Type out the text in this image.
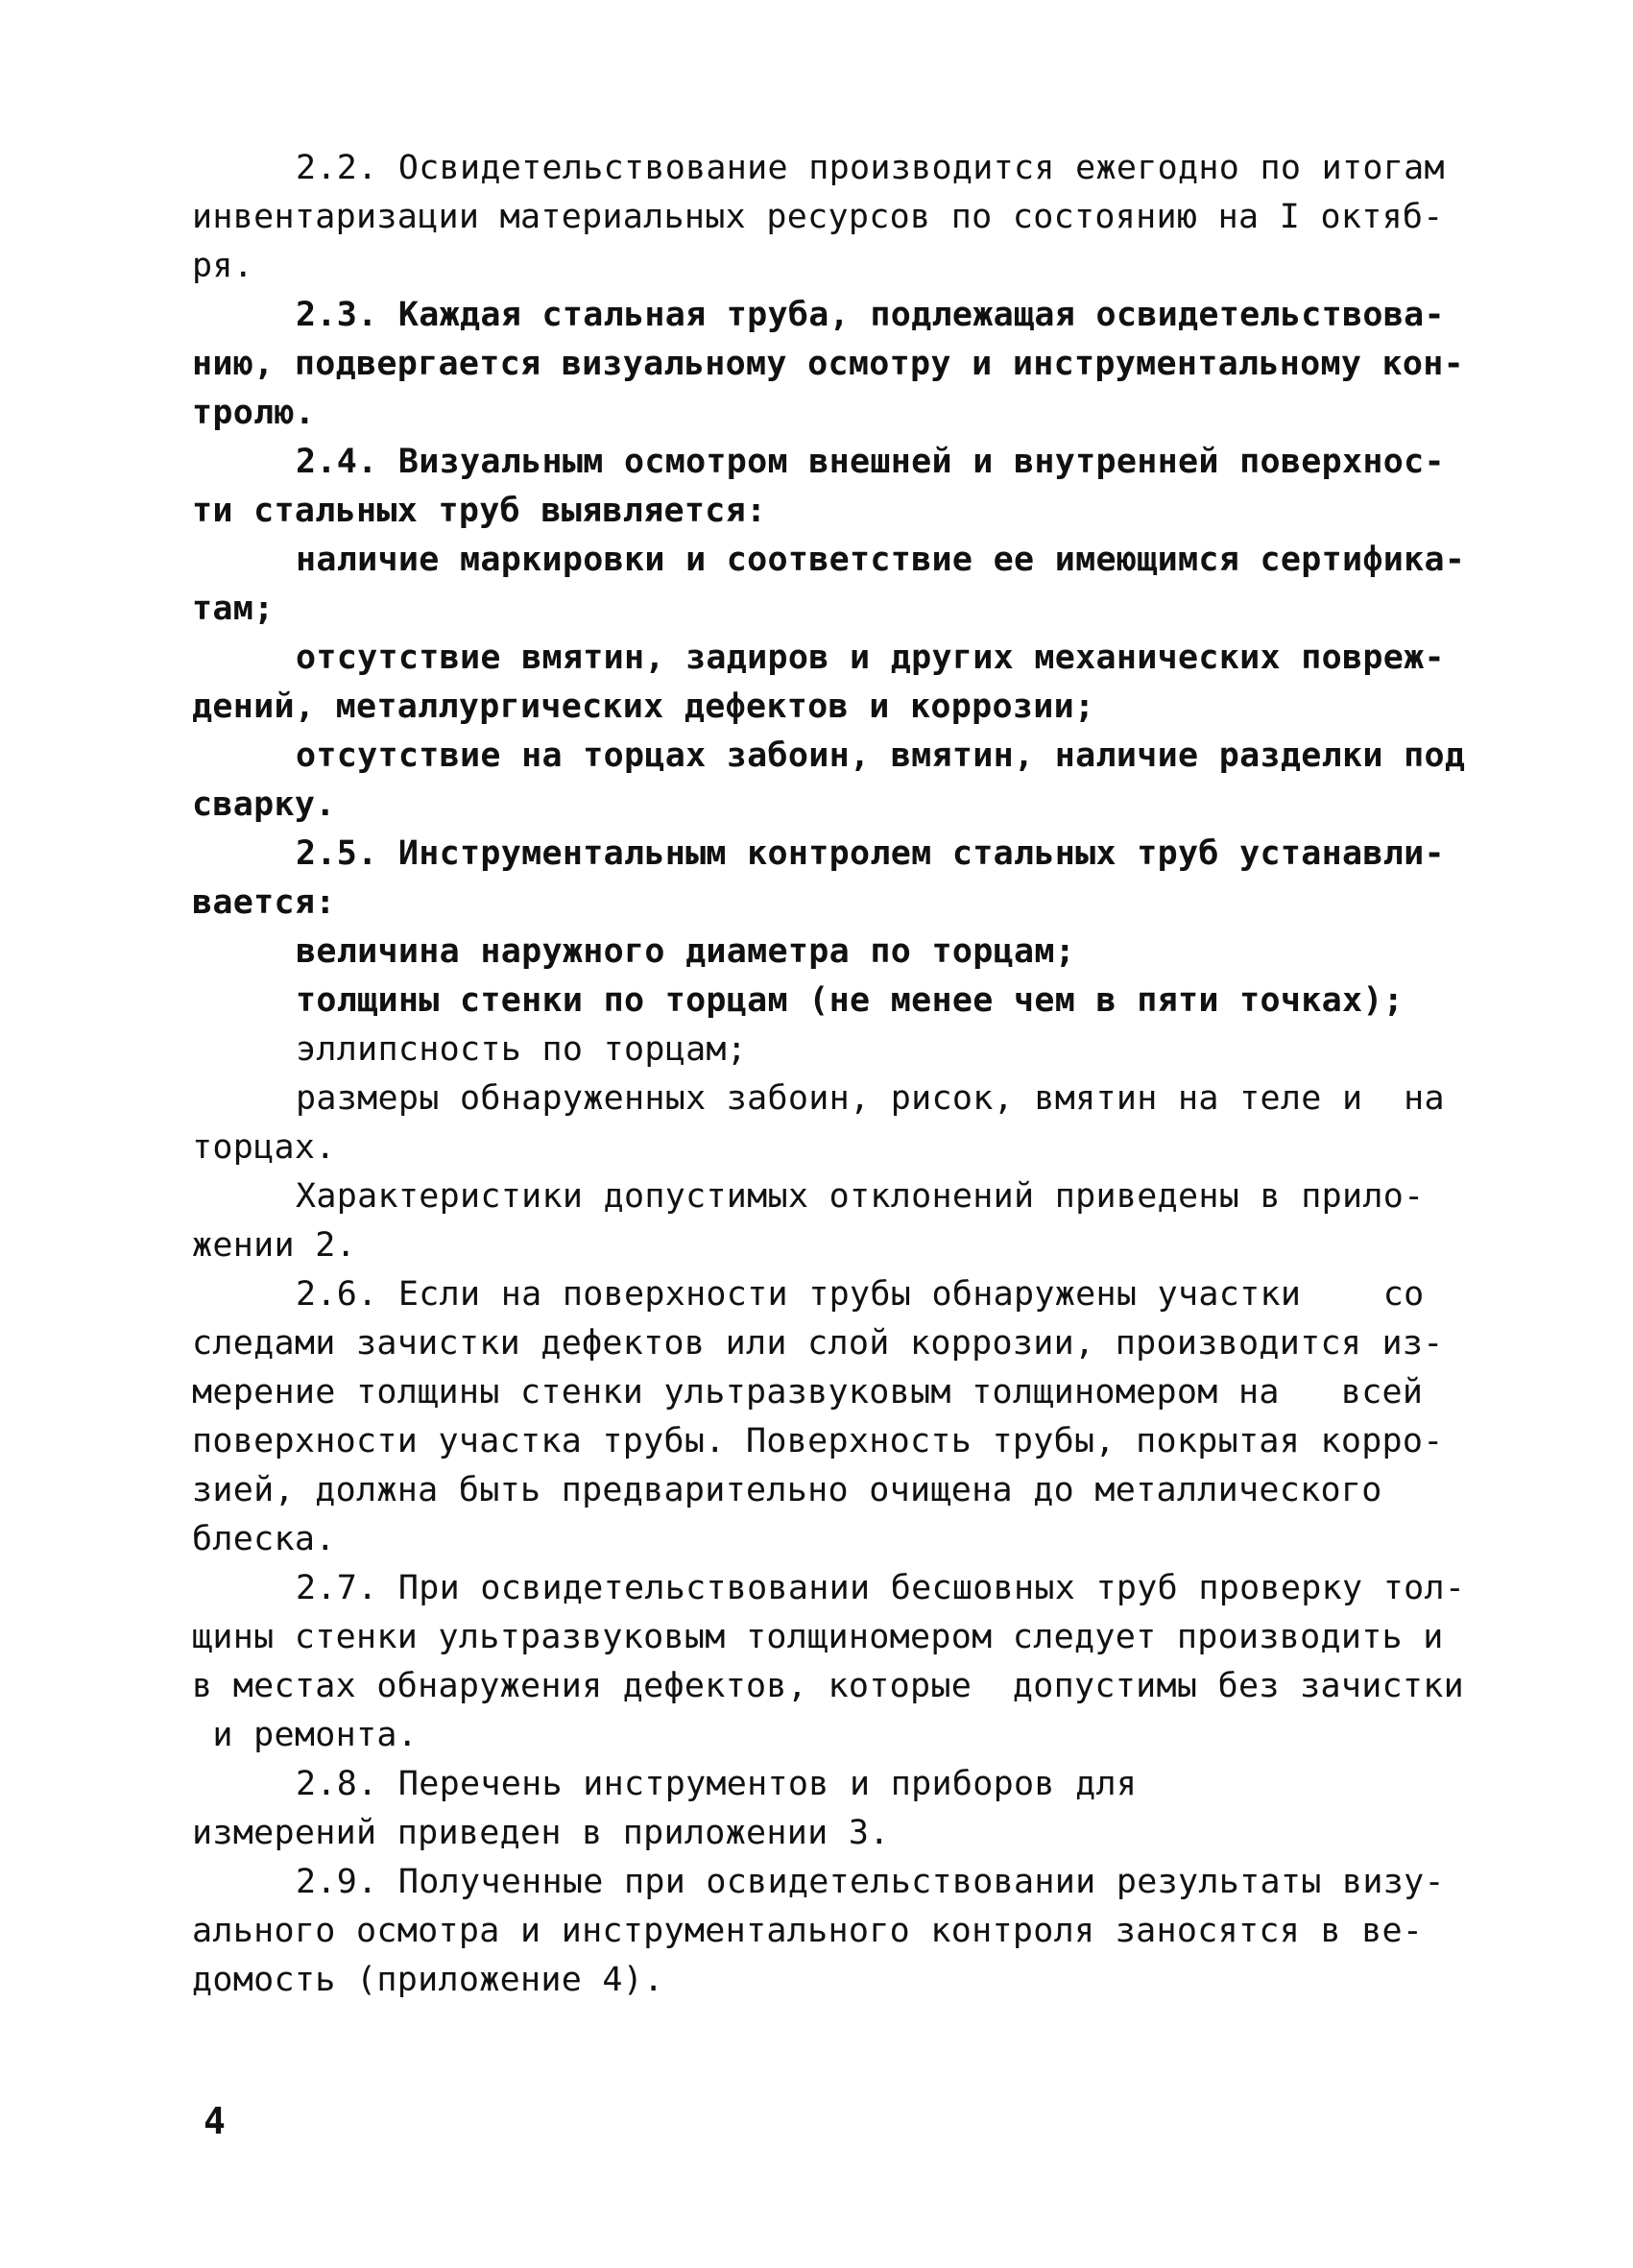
2.2. Освидетельствование производится ежегодно по итогам
инвентаризации материальных ресурсов по состоянию на I октяб-
ря.
2.3. Каждая стальная труба, подлежащая освидетельствова-
нию, подвергается визуальному осмотру и инструментальному кон-
тролю.
2.4. Визуальным осмотром внешней и внутренней поверхнос-
ти стальных труб выявляется:
наличие маркировки и соответствие ее имеющимся сертифика-
там;
отсутствие вмятин, задиров и других механических повреж-
дений, металлургических дефектов и коррозии;
отсутствие на торцах забоин, вмятин, наличие разделки под
сварку.
2.5. Инструментальным контролем стальных труб устанавли-
вается:
величина наружного диаметра по торцам;
толщины стенки по торцам (не менее чем в пяти точках);
эллипсность по торцам;
размеры обнаруженных забоин, рисок, вмятин на теле и  на
торцах.
Характеристики допустимых отклонений приведены в прило-
жении 2.
2.6. Если на поверхности трубы обнаружены участки    со
следами зачистки дефектов или слой коррозии, производится из-
мерение толщины стенки ультразвуковым толщиномером на   всей
поверхности участка трубы. Поверхность трубы, покрытая корро-
зией, должна быть предварительно очищена до металлического
блеска.
2.7. При освидетельствовании бесшовных труб проверку тол-
щины стенки ультразвуковым толщиномером следует производить и
в местах обнаружения дефектов, которые  допустимы без зачистки
и ремонта.
2.8. Перечень инструментов и приборов для
измерений приведен в приложении 3.
2.9. Полученные при освидетельствовании результаты визу-
ального осмотра и инструментального контроля заносятся в ве-
домость (приложение 4).
4
